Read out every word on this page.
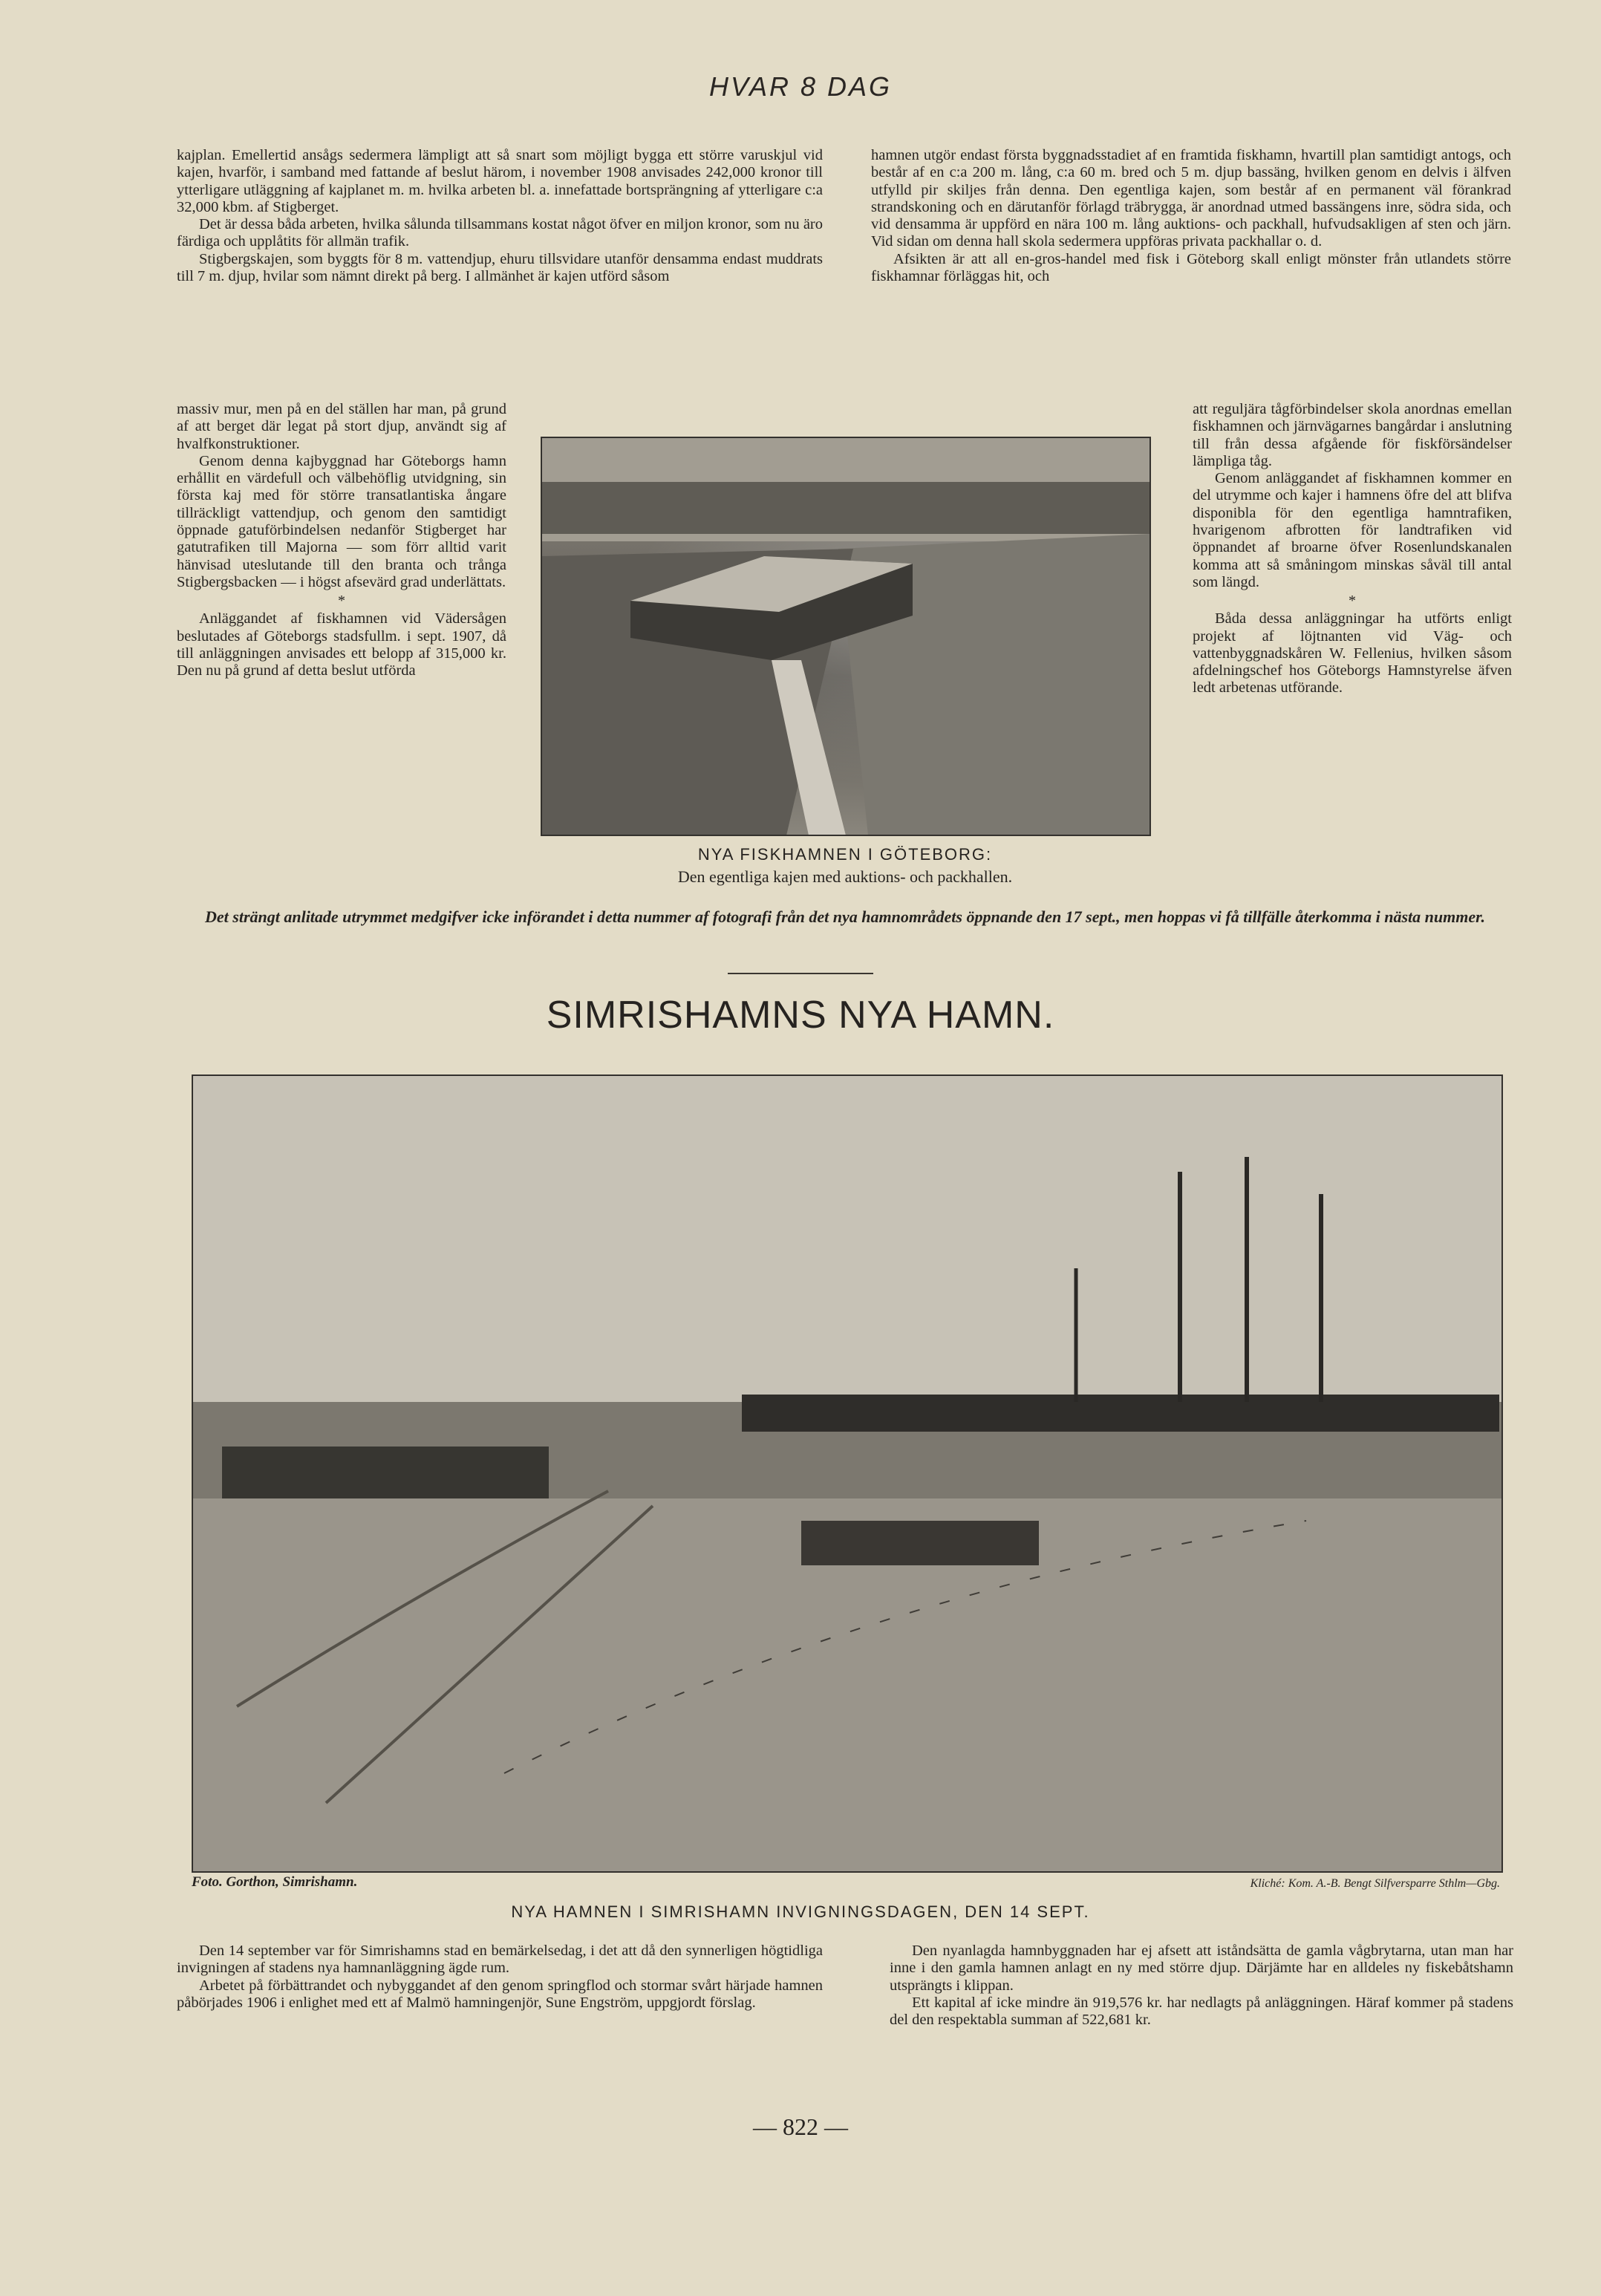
HVAR 8 DAG

kajplan. Emellertid ansågs sedermera lämpligt att så snart som möjligt bygga ett större varuskjul vid kajen, hvarför, i samband med fattande af beslut härom, i november 1908 anvisades 242,000 kronor till ytterligare utläggning af kajplanet m. m. hvilka arbeten bl. a. innefattade bortsprängning af ytterligare c:a 32,000 kbm. af Stigberget.

Det är dessa båda arbeten, hvilka sålunda tillsammans kostat något öfver en miljon kronor, som nu äro färdiga och upplåtits för allmän trafik.

Stigbergskajen, som byggts för 8 m. vattendjup, ehuru tillsvidare utanför densamma endast muddrats till 7 m. djup, hvilar som nämnt direkt på berg. I allmänhet är kajen utförd såsom

hamnen utgör endast första byggnadsstadiet af en framtida fiskhamn, hvartill plan samtidigt antogs, och består af en c:a 200 m. lång, c:a 60 m. bred och 5 m. djup bassäng, hvilken genom en delvis i älfven utfylld pir skiljes från denna. Den egentliga kajen, som består af en permanent väl förankrad strandskoning och en därutanför förlagd träbrygga, är anordnad utmed bassängens inre, södra sida, och vid densamma är uppförd en nära 100 m. lång auktions- och packhall, hufvudsakligen af sten och järn. Vid sidan om denna hall skola sedermera uppföras privata packhallar o. d.

Afsikten är att all en-gros-handel med fisk i Göteborg skall enligt mönster från utlandets större fiskhamnar förläggas hit, och

massiv mur, men på en del ställen har man, på grund af att berget där legat på stort djup, användt sig af hvalfkonstruktioner.

Genom denna kajbyggnad har Göteborgs hamn erhållit en värdefull och välbehöflig utvidgning, sin första kaj med för större transatlantiska ångare tillräckligt vattendjup, och genom den samtidigt öppnade gatuförbindelsen nedanför Stigberget har gatutrafiken till Majorna — som förr alltid varit hänvisad uteslutande till den branta och trånga Stigbergsbacken — i högst afsevärd grad underlättats.

*

Anläggandet af fiskhamnen vid Vädersågen beslutades af Göteborgs stadsfullm. i sept. 1907, då till anläggningen anvisades ett belopp af 315,000 kr. Den nu på grund af detta beslut utförda

att reguljära tågförbindelser skola anordnas emellan fiskhamnen och järnvägarnes bangårdar i anslutning till från dessa afgående för fiskförsändelser lämpliga tåg.

Genom anläggandet af fiskhamnen kommer en del utrymme och kajer i hamnens öfre del att blifva disponibla för den egentliga hamntrafiken, hvarigenom afbrotten för landtrafiken vid öppnandet af broarne öfver Rosenlundskanalen komma att så småningom minskas såväl till antal som längd.

*

Båda dessa anläggningar ha utförts enligt projekt af löjtnanten vid Väg- och vattenbyggnadskåren W. Fellenius, hvilken såsom afdelningschef hos Göteborgs Hamnstyrelse äfven ledt arbetenas utförande.

NYA FISKHAMNEN I GÖTEBORG:
Den egentliga kajen med auktions- och packhallen.
Det strängt anlitade utrymmet medgifver icke införandet i detta nummer af fotografi från det nya hamnområdets öppnande den 17 sept., men hoppas vi få tillfälle återkomma i nästa nummer.
SIMRISHAMNS NYA HAMN.
Foto. Gorthon, Simrishamn.	Kliché: Kom. A.-B. Bengt Silfversparre Sthlm—Gbg.
NYA HAMNEN I SIMRISHAMN INVIGNINGSDAGEN, DEN 14 SEPT.

Den 14 september var för Simrishamns stad en bemärkelsedag, i det att då den synnerligen högtidliga invigningen af stadens nya hamnanläggning ägde rum.

Arbetet på förbättrandet och nybyggandet af den genom springflod och stormar svårt härjade hamnen påbörjades 1906 i enlighet med ett af Malmö hamningenjör, Sune Engström, uppgjordt förslag.

Den nyanlagda hamnbyggnaden har ej afsett att iståndsätta de gamla vågbrytarna, utan man har inne i den gamla hamnen anlagt en ny med större djup. Därjämte har en alldeles ny fiskebåtshamn utsprängts i klippan.

Ett kapital af icke mindre än 919,576 kr. har nedlagts på anläggningen. Häraf kommer på stadens del den respektabla summan af 522,681 kr.

— 822 —
